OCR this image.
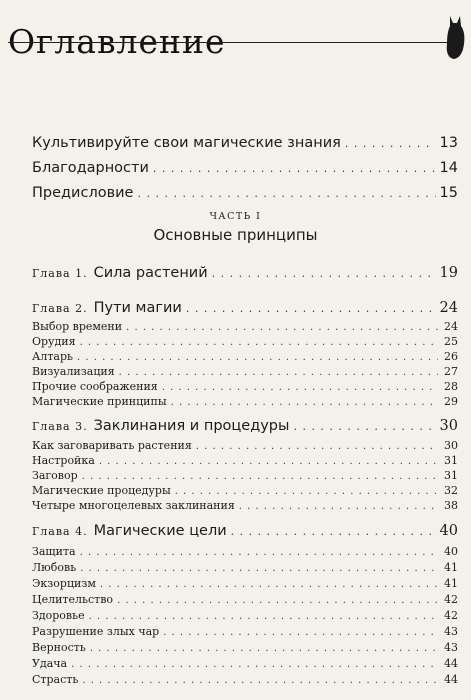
Оглавление
Культивируйте свои магические знания . . .	13
Благодарности . . .	14
Предисловие . . .	15
ЧАСТЬ I
Основные принципы
Глава 1. Сила растений . . .	19
Глава 2. Пути магии . . .	24
Выбор времени . . .	24
Орудия . . .	25
Алтарь . . .	26
Визуализация . . .	27
Прочие соображения . . .	28
Магические принципы . . .	29
Глава 3. Заклинания и процедуры . . .	30
Как заговаривать растения . . .	30
Настройка . . .	31
Заговор . . .	31
Магические процедуры . . .	32
Четыре многоцелевых заклинания . . .	38
Глава 4. Магические цели . . .	40
Защита . . .	40
Любовь . . .	41
Экзорцизм . . .	41
Целительство . . .	42
Здоровье . . .	42
Разрушение злых чар . . .	43
Верность . . .	43
Удача . . .	44
Страсть . . .	44
